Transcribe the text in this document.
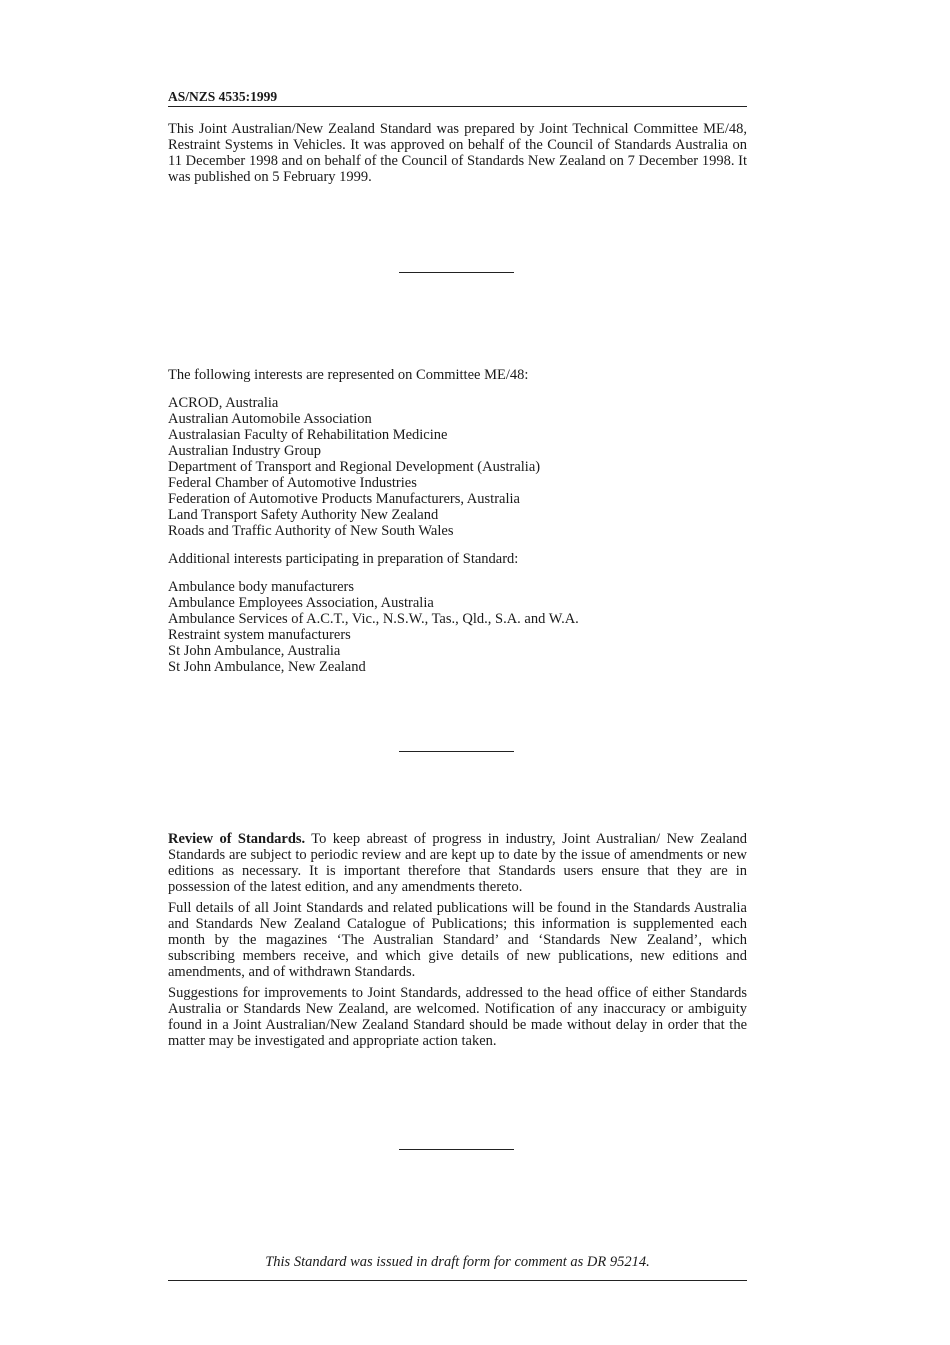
AS/NZS 4535:1999

This Joint Australian/New Zealand Standard was prepared by Joint Technical Committee ME/48, Restraint Systems in Vehicles. It was approved on behalf of the Council of Standards Australia on 11 December 1998 and on behalf of the Council of Standards New Zealand on 7 December 1998. It was published on 5 February 1999.

The following interests are represented on Committee ME/48:

ACROD, Australia
Australian Automobile Association
Australasian Faculty of Rehabilitation Medicine
Australian Industry Group
Department of Transport and Regional Development (Australia)
Federal Chamber of Automotive Industries
Federation of Automotive Products Manufacturers, Australia
Land Transport Safety Authority New Zealand
Roads and Traffic Authority of New South Wales

Additional interests participating in preparation of Standard:

Ambulance body manufacturers
Ambulance Employees Association, Australia
Ambulance Services of A.C.T., Vic., N.S.W., Tas., Qld., S.A. and W.A.
Restraint system manufacturers
St John Ambulance, Australia
St John Ambulance, New Zealand

Review of Standards. To keep abreast of progress in industry, Joint Australian/ New Zealand Standards are subject to periodic review and are kept up to date by the issue of amendments or new editions as necessary. It is important therefore that Standards users ensure that they are in possession of the latest edition, and any amendments thereto.

Full details of all Joint Standards and related publications will be found in the Standards Australia and Standards New Zealand Catalogue of Publications; this information is supplemented each month by the magazines ‘The Australian Standard’ and ‘Standards New Zealand’, which subscribing members receive, and which give details of new publications, new editions and amendments, and of withdrawn Standards.

Suggestions for improvements to Joint Standards, addressed to the head office of either Standards Australia or Standards New Zealand, are welcomed. Notification of any inaccuracy or ambiguity found in a Joint Australian/New Zealand Standard should be made without delay in order that the matter may be investigated and appropriate action taken.

This Standard was issued in draft form for comment as DR 95214.
